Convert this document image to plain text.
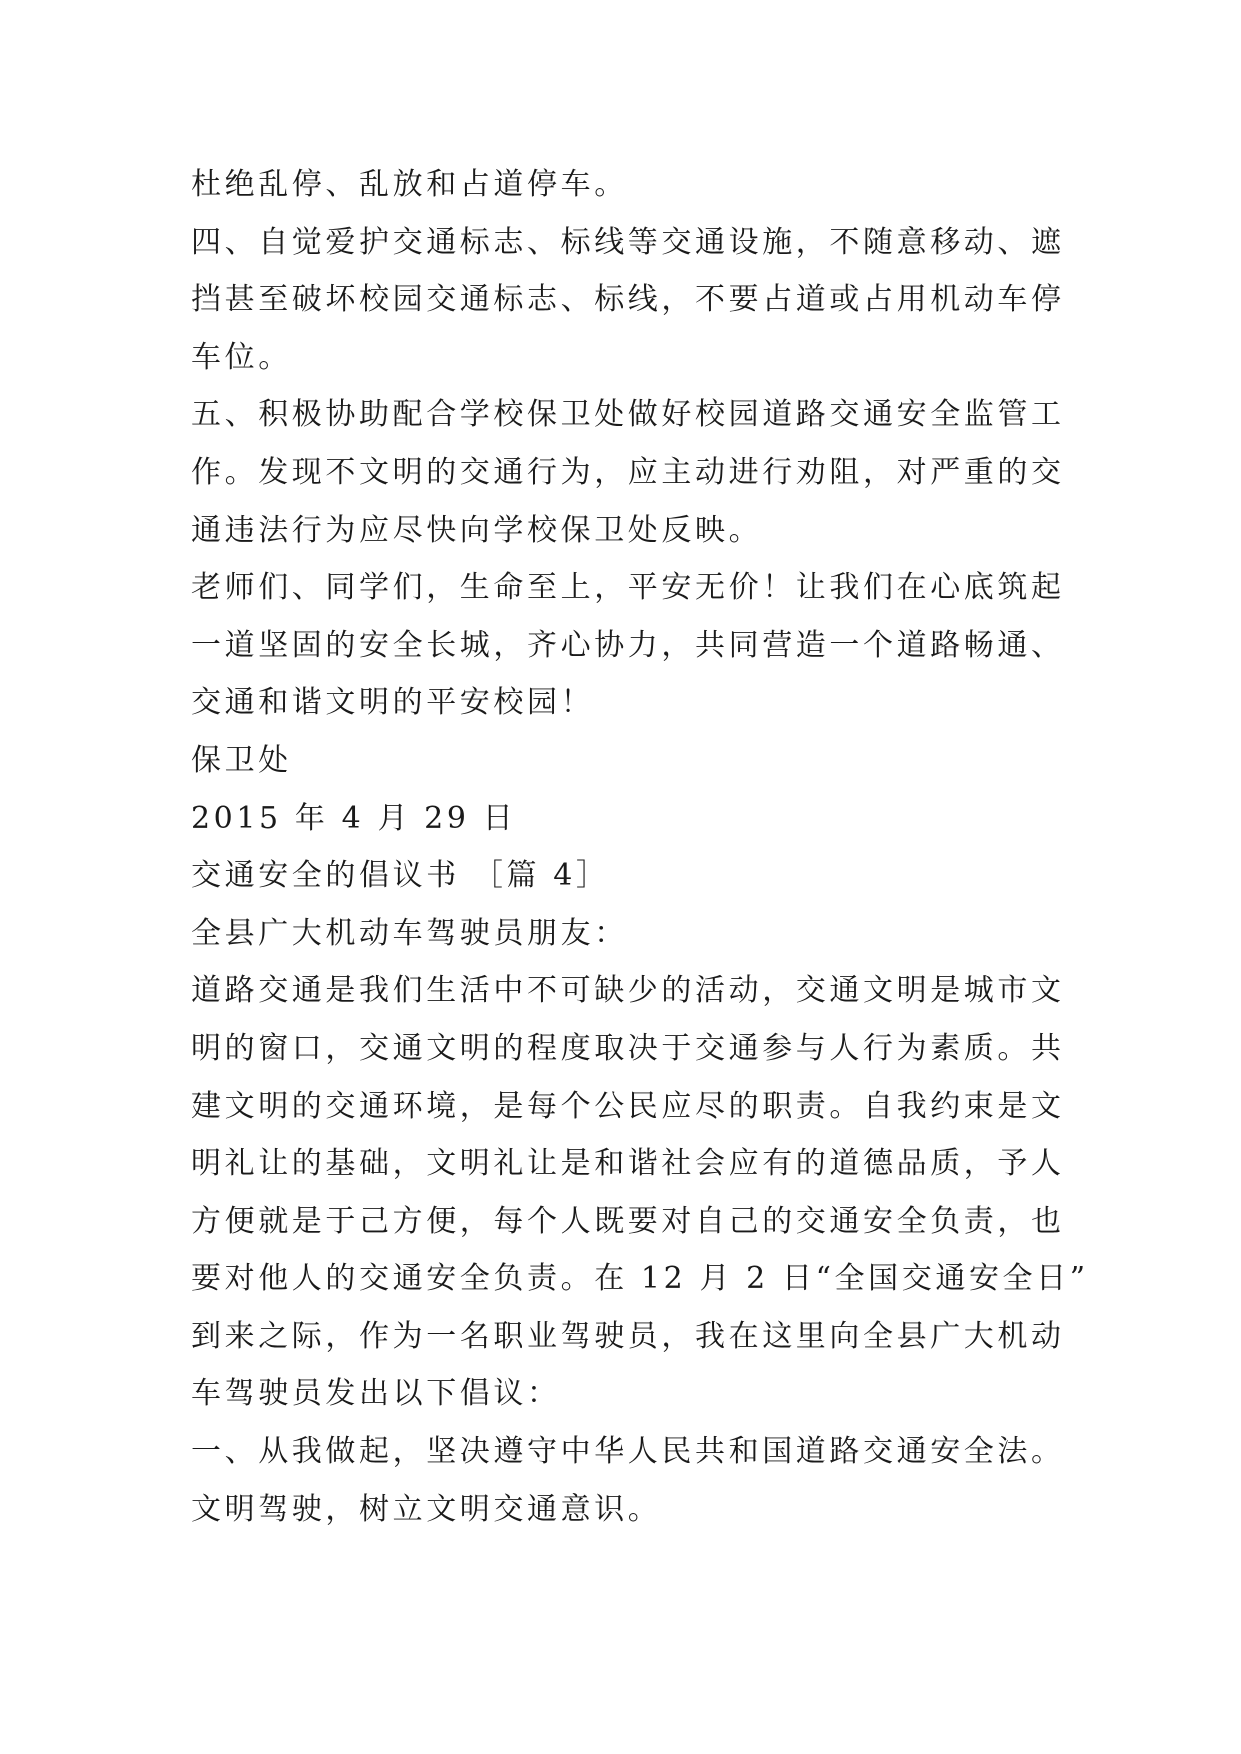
杜绝乱停、乱放和占道停车。
四、自觉爱护交通标志、标线等交通设施，不随意移动、遮
挡甚至破坏校园交通标志、标线，不要占道或占用机动车停
车位。
五、积极协助配合学校保卫处做好校园道路交通安全监管工
作。发现不文明的交通行为，应主动进行劝阻，对严重的交
通违法行为应尽快向学校保卫处反映。
老师们、同学们，生命至上，平安无价！让我们在心底筑起
一道坚固的安全长城，齐心协力，共同营造一个道路畅通、
交通和谐文明的平安校园！
保卫处
2015 年 4 月 29 日
交通安全的倡议书 ［篇 4］
全县广大机动车驾驶员朋友：
道路交通是我们生活中不可缺少的活动，交通文明是城市文
明的窗口，交通文明的程度取决于交通参与人行为素质。共
建文明的交通环境，是每个公民应尽的职责。自我约束是文
明礼让的基础，文明礼让是和谐社会应有的道德品质，予人
方便就是于己方便，每个人既要对自己的交通安全负责，也
要对他人的交通安全负责。在 12 月 2 日“全国交通安全日”
到来之际，作为一名职业驾驶员，我在这里向全县广大机动
车驾驶员发出以下倡议：
一、从我做起，坚决遵守中华人民共和国道路交通安全法。
文明驾驶，树立文明交通意识。
